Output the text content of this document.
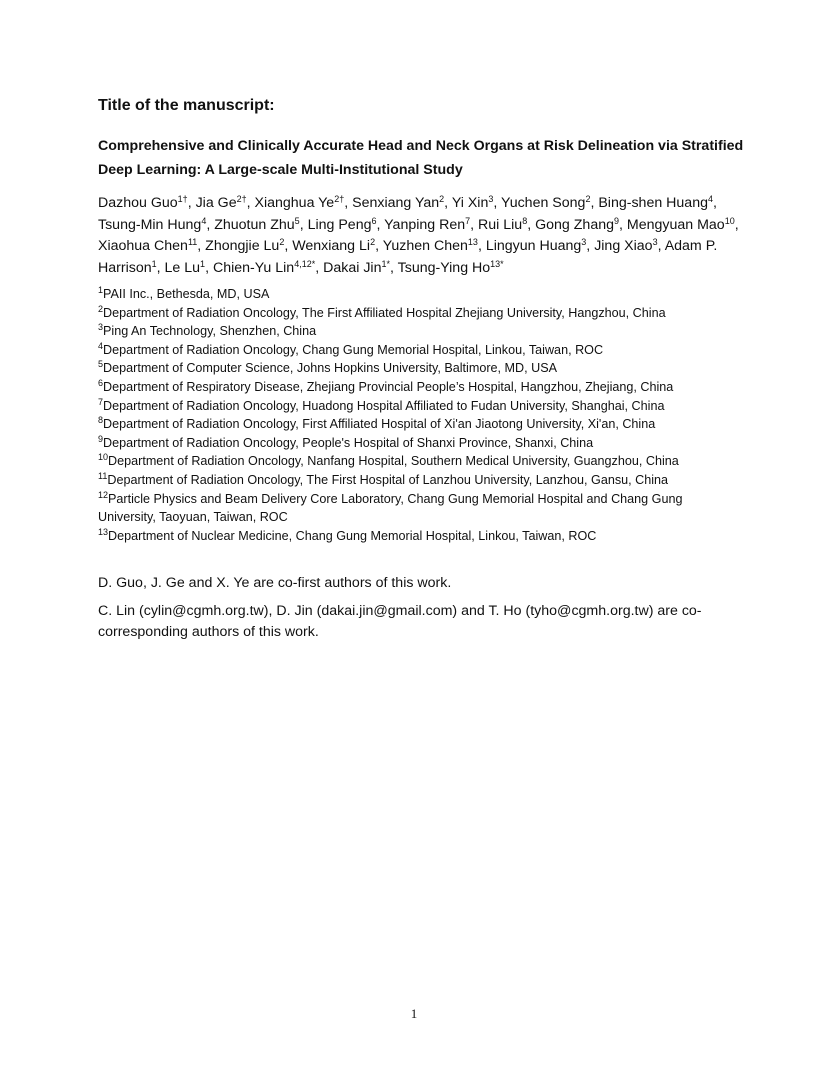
Title of the manuscript:

Comprehensive and Clinically Accurate Head and Neck Organs at Risk Delineation via Stratified Deep Learning: A Large-scale Multi-Institutional Study

Dazhou Guo$^{1\dagger}$, Jia $Ge^{2\dagger}$, Xianghua $Ye^{2\dagger}$, Senxiang Yan$^2$, Yi Xin$^3$, Yuchen Song$^2$, Bing-shen Huang$^4$, Tsung-Min Hung$^4$, Zhuotun Zhu$^5$, Ling Peng$^6$, Yanping Ren$^7$, Rui Liu$^8$, Gong Zhang$^9$, Mengyuan Mao$^{10}$, Xiaohua Chen$^{11}$, Zhongjie Lu$^2$, Wenxiang Li$^2$, Yuzhen Chen$^{13}$, Lingyun Huang$^3$, Jing Xiao$^3$, Adam P. Harrison$^1$, Le Lu$^1$, Chien-Yu Lin$^{4,12*}$, Dakai Jin$^{1*}$, Tsung-Ying $Ho^{13*}$

$^1$PAII Inc., Bethesda, MD, USA
$^2$Department of Radiation Oncology, The First Affiliated Hospital Zhejiang University, Hangzhou, China
$^3$Ping An Technology, Shenzhen, China
$^4$Department of Radiation Oncology, Chang Gung Memorial Hospital, Linkou, Taiwan, ROC
$^5$Department of Computer Science, Johns Hopkins University, Baltimore, MD, USA
$^6$Department of Respiratory Disease, Zhejiang Provincial People’s Hospital, Hangzhou, Zhejiang, China
$^7$Department of Radiation Oncology, Huadong Hospital Affiliated to Fudan University, Shanghai, China
$^8$Department of Radiation Oncology, First Affiliated Hospital of Xi'an Jiaotong University, Xi'an, China
$^9$Department of Radiation Oncology, People's Hospital of Shanxi Province, Shanxi, China
$^{10}$Department of Radiation Oncology, Nanfang Hospital, Southern Medical University, Guangzhou, China
$^{11}$Department of Radiation Oncology, The First Hospital of Lanzhou University, Lanzhou, Gansu, China
$^{12}$Particle Physics and Beam Delivery Core Laboratory, Chang Gung Memorial Hospital and Chang Gung University, Taoyuan, Taiwan, ROC
$^{13}$Department of Nuclear Medicine, Chang Gung Memorial Hospital, Linkou, Taiwan, ROC

D. Guo, J. Ge and X. Ye are co-first authors of this work.

C. Lin (cylin@cgmh.org.tw), D. Jin (dakai.jin@gmail.com) and T. Ho (tyho@cgmh.org.tw) are co-corresponding authors of this work.

1
